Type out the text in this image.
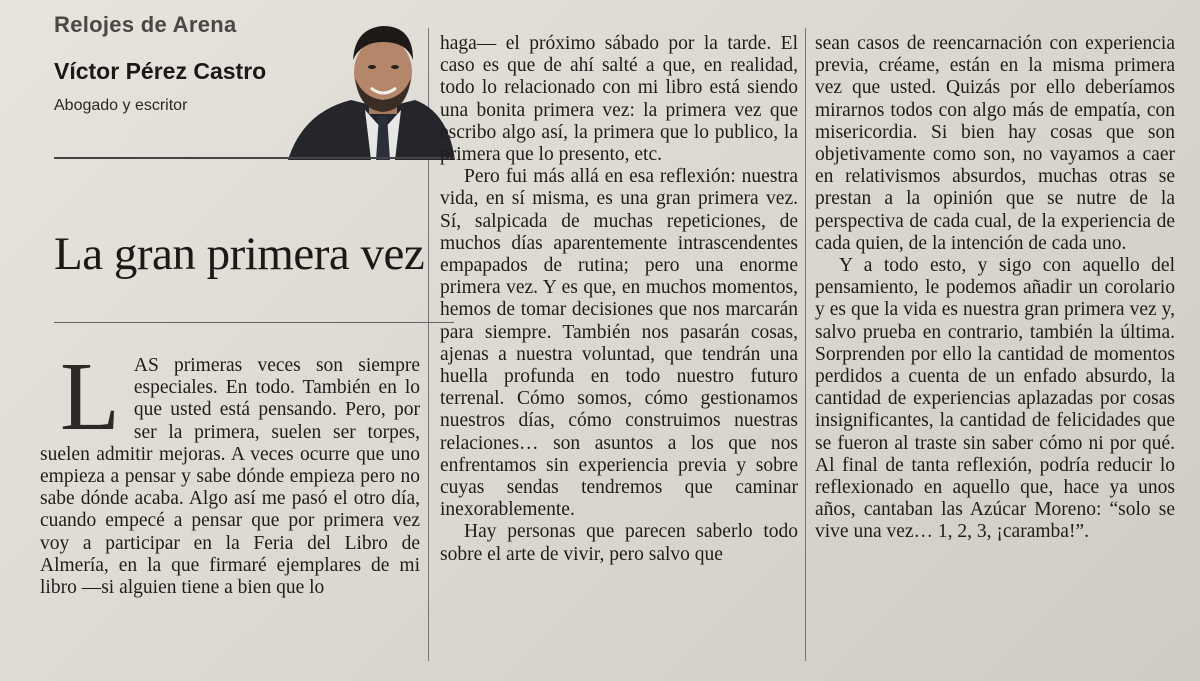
Relojes de Arena
Víctor Pérez Castro
Abogado y escritor
La gran primera vez
L AS primeras veces son siempre especiales. En todo. También en lo que usted está pensando. Pero, por ser la primera, suelen ser torpes, suelen admitir mejoras. A veces ocurre que uno empieza a pensar y sabe dónde empieza pero no sabe dónde acaba. Algo así me pasó el otro día, cuando empecé a pensar que por primera vez voy a participar en la Feria del Libro de Almería, en la que firmaré ejemplares de mi libro —si alguien tiene a bien que lo
haga— el próximo sábado por la tarde. El caso es que de ahí salté a que, en realidad, todo lo relacionado con mi libro está siendo una bonita primera vez: la primera vez que escribo algo así, la primera que lo publico, la primera que lo presento, etc.
Pero fui más allá en esa reflexión: nuestra vida, en sí misma, es una gran primera vez. Sí, salpicada de muchas repeticiones, de muchos días aparentemente intrascendentes empapados de rutina; pero una enorme primera vez. Y es que, en muchos momentos, hemos de tomar decisiones que nos marcarán para siempre. También nos pasarán cosas, ajenas a nuestra voluntad, que tendrán una huella profunda en todo nuestro futuro terrenal. Cómo somos, cómo gestionamos nuestros días, cómo construimos nuestras relaciones… son asuntos a los que nos enfrentamos sin experiencia previa y sobre cuyas sendas tendremos que caminar inexorablemente.
Hay personas que parecen saberlo todo sobre el arte de vivir, pero salvo que
sean casos de reencarnación con experiencia previa, créame, están en la misma primera vez que usted. Quizás por ello deberíamos mirarnos todos con algo más de empatía, con misericordia. Si bien hay cosas que son objetivamente como son, no vayamos a caer en relativismos absurdos, muchas otras se prestan a la opinión que se nutre de la perspectiva de cada cual, de la experiencia de cada quien, de la intención de cada uno.
Y a todo esto, y sigo con aquello del pensamiento, le podemos añadir un corolario y es que la vida es nuestra gran primera vez y, salvo prueba en contrario, también la última. Sorprenden por ello la cantidad de momentos perdidos a cuenta de un enfado absurdo, la cantidad de experiencias aplazadas por cosas insignificantes, la cantidad de felicidades que se fueron al traste sin saber cómo ni por qué. Al final de tanta reflexión, podría reducir lo reflexionado en aquello que, hace ya unos años, cantaban las Azúcar Moreno: “solo se vive una vez… 1, 2, 3, ¡caramba!”.
